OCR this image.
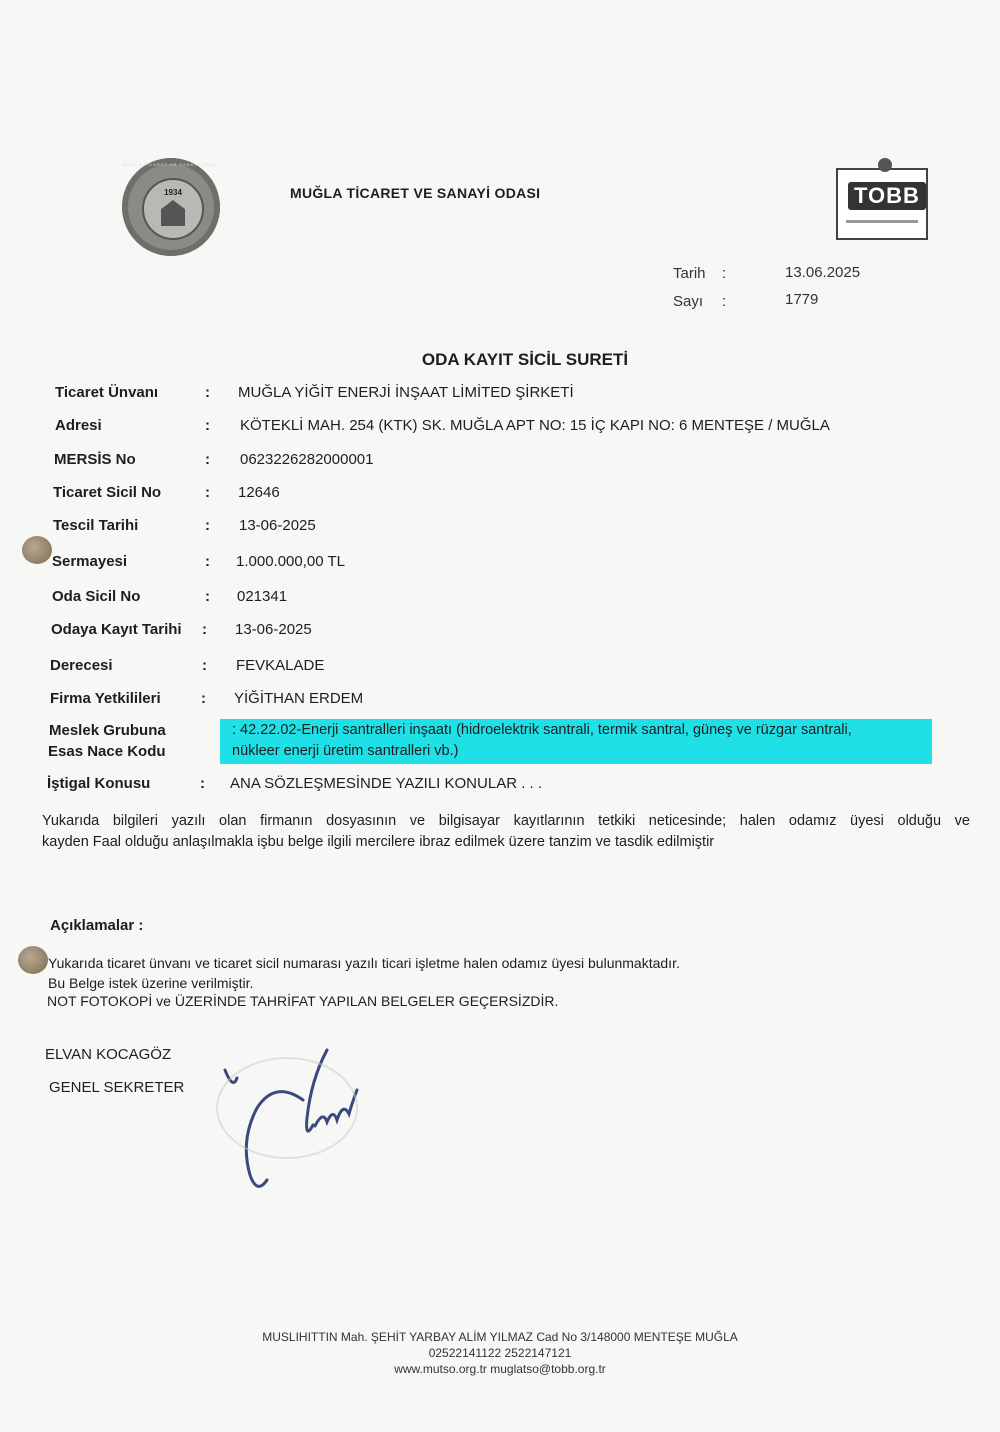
MUĞLA TİCARET VE SANAYİ ODASI
1934	MUĞLA TİCARET VE SANAYİ ODASI	TOBB
Tarih :	13.06.2025
Sayı :	1779
ODA KAYIT SİCİL SURETİ
Ticaret Ünvanı	: MUĞLA YİĞİT ENERJİ İNŞAAT LİMİTED ŞİRKETİ
Adresi	: KÖTEKLİ MAH. 254 (KTK) SK. MUĞLA APT NO: 15 İÇ KAPI NO: 6 MENTEŞE / MUĞLA
MERSİS No	: 0623226282000001
Ticaret Sicil No	: 12646
Tescil Tarihi	: 13-06-2025
Sermayesi	: 1.000.000,00 TL
Oda Sicil No	: 021341
Odaya Kayıt Tarihi : 13-06-2025
Derecesi	: FEVKALADE
Firma Yetkilileri	: YİĞİTHAN ERDEM
Meslek Grubuna
Esas Nace Kodu
: 42.22.02-Enerji santralleri inşaatı (hidroelektrik santrali, termik santral, güneş ve rüzgar santrali,
nükleer enerji üretim santralleri vb.)
İştigal Konusu	: ANA SÖZLEŞMESİNDE YAZILI KONULAR . . .
Yukarıda bilgileri yazılı olan firmanın dosyasının ve bilgisayar kayıtlarının tetkiki neticesinde; halen odamız üyesi olduğu ve
kayden Faal olduğu anlaşılmakla işbu belge ilgili mercilere ibraz edilmek üzere tanzim ve tasdik edilmiştir
Açıklamalar :
Yukarıda ticaret ünvanı ve ticaret sicil numarası yazılı ticari işletme halen odamız üyesi bulunmaktadır.
Bu Belge istek üzerine verilmiştir.
NOT FOTOKOPİ ve ÜZERİNDE TAHRİFAT YAPILAN BELGELER GEÇERSİZDİR.
ELVAN KOCAGÖZ
GENEL SEKRETER
MUSLIHITTIN Mah. ŞEHİT YARBAY ALİM YILMAZ Cad No 3/148000 MENTEŞE MUĞLA
02522141122 2522147121
www.mutso.org.tr muglatso@tobb.org.tr
